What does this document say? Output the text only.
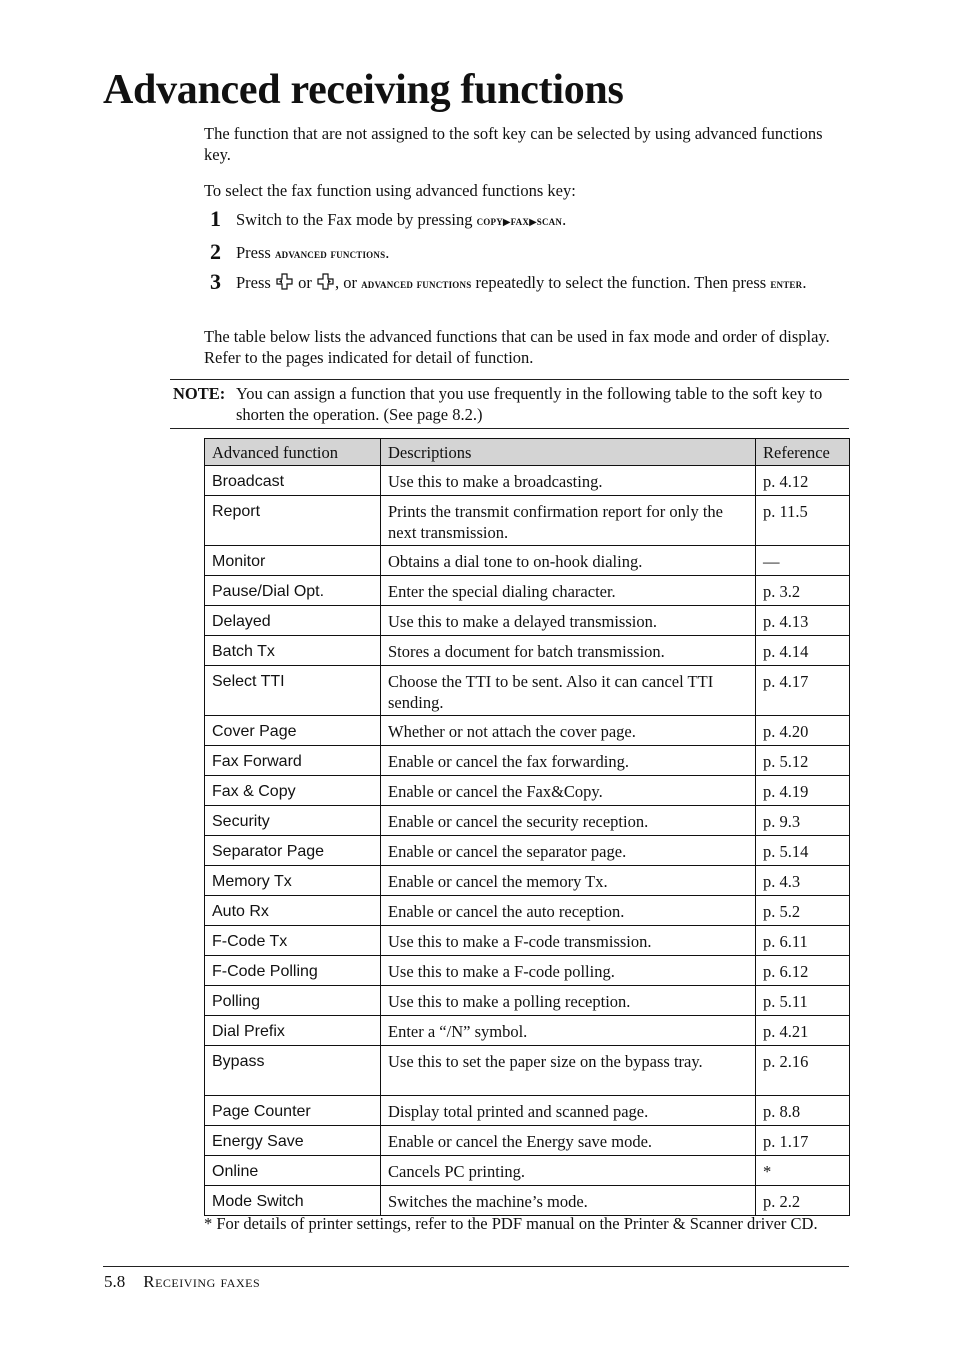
Advanced receiving functions

The function that are not assigned to the soft key can be selected by using advanced functions key.

To select the fax function using advanced functions key:

1 Switch to the Fax mode by pressing copy▶fax▶scan.
2 Press advanced functions.
3 Press  or , or advanced functions repeatedly to select the function. Then press enter.

The table below lists the advanced functions that can be used in fax mode and order of display. Refer to the pages indicated for detail of function.

NOTE: You can assign a function that you use frequently in the following table to the soft key to shorten the operation. (See page 8.2.)
Advanced function	Descriptions	Reference
Broadcast	Use this to make a broadcasting.	p. 4.12
Report	Prints the transmit confirmation report for only the next transmission.	p. 11.5
Monitor	Obtains a dial tone to on-hook dialing.	—
Pause/Dial Opt.	Enter the special dialing character.	p. 3.2
Delayed	Use this to make a delayed transmission.	p. 4.13
Batch Tx	Stores a document for batch transmission.	p. 4.14
Select TTI	Choose the TTI to be sent. Also it can cancel TTI sending.	p. 4.17
Cover Page	Whether or not attach the cover page.	p. 4.20
Fax Forward	Enable or cancel the fax forwarding.	p. 5.12
Fax & Copy	Enable or cancel the Fax&Copy.	p. 4.19
Security	Enable or cancel the security reception.	p. 9.3
Separator Page	Enable or cancel the separator page.	p. 5.14
Memory Tx	Enable or cancel the memory Tx.	p. 4.3
Auto Rx	Enable or cancel the auto reception.	p. 5.2
F-Code Tx	Use this to make a F-code transmission.	p. 6.11
F-Code Polling	Use this to make a F-code polling.	p. 6.12
Polling	Use this to make a polling reception.	p. 5.11
Dial Prefix	Enter a “/N” symbol.	p. 4.21
Bypass	Use this to set the paper size on the bypass tray.	p. 2.16
Page Counter	Display total printed and scanned page.	p. 8.8
Energy Save	Enable or cancel the Energy save mode.	p. 1.17
Online	Cancels PC printing.	*
Mode Switch	Switches the machine’s mode.	p. 2.2
* For details of printer settings, refer to the PDF manual on the Printer & Scanner driver CD.
5.8 Receiving faxes
